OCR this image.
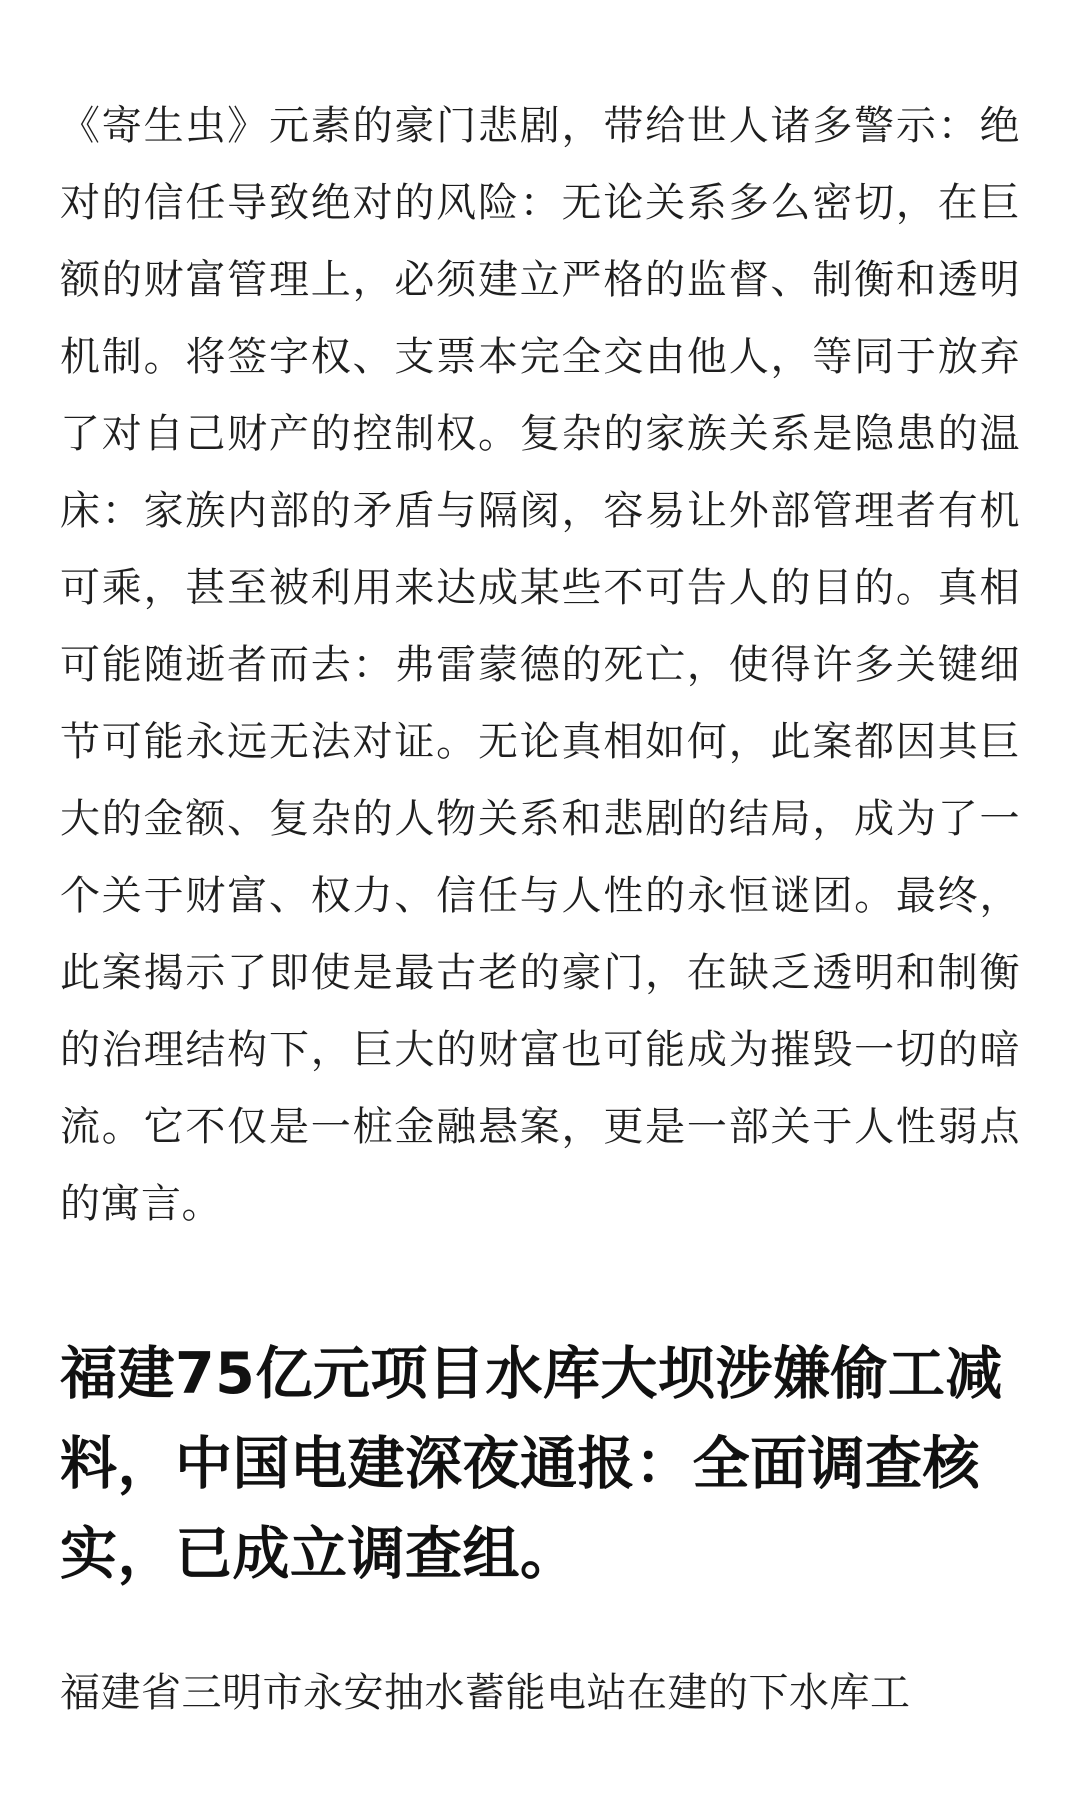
《寄生虫》元素的豪门悲剧，带给世人诸多警示：绝对的信任导致绝对的风险：无论关系多么密切，在巨额的财富管理上，必须建立严格的监督、制衡和透明机制。将签字权、支票本完全交由他人，等同于放弃了对自己财产的控制权。复杂的家族关系是隐患的温床：家族内部的矛盾与隔阂，容易让外部管理者有机可乘，甚至被利用来达成某些不可告人的目的。真相可能随逝者而去：弗雷蒙德的死亡，使得许多关键细节可能永远无法对证。无论真相如何，此案都因其巨大的金额、复杂的人物关系和悲剧的结局，成为了一个关于财富、权力、信任与人性的永恒谜团。最终，此案揭示了即使是最古老的豪门，在缺乏透明和制衡的治理结构下，巨大的财富也可能成为摧毁一切的暗流。它不仅是一桩金融悬案，更是一部关于人性弱点的寓言。

福建75亿元项目水库大坝涉嫌偷工减料，中国电建深夜通报：全面调查核实，已成立调查组。

福建省三明市永安抽水蓄能电站在建的下水库工
